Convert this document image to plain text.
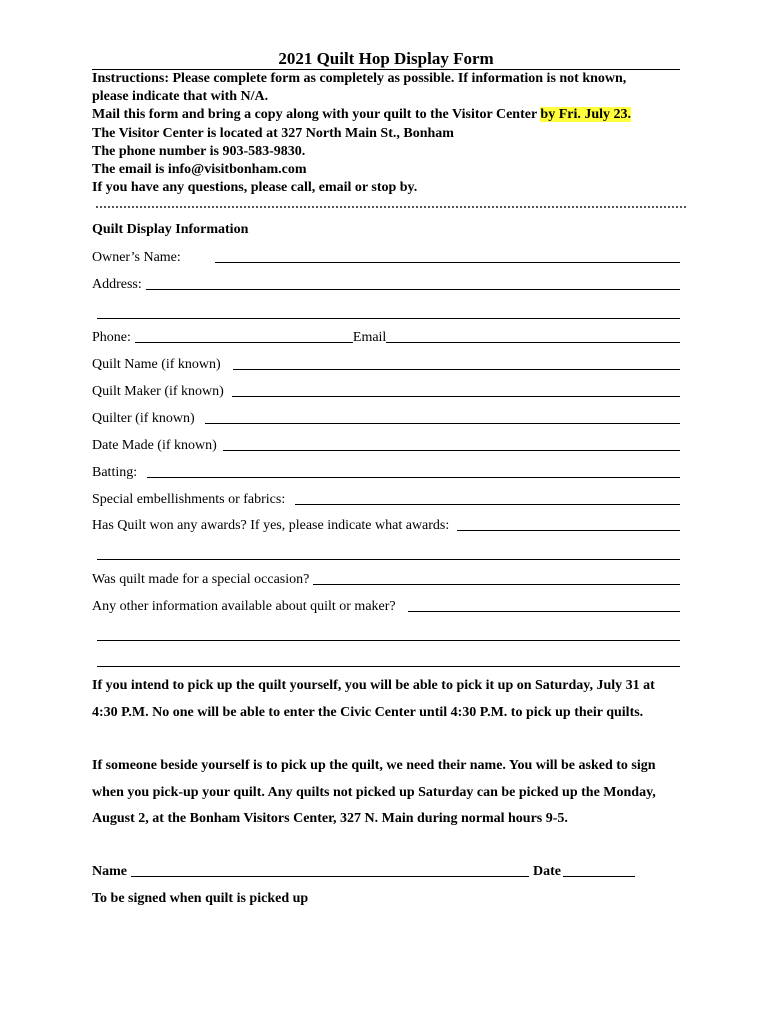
2021 Quilt Hop Display Form
Instructions: Please complete form as completely as possible. If information is not known,
please indicate that with N/A.
Mail this form and bring a copy along with your quilt to the Visitor Center by Fri. July 23.
The Visitor Center is located at 327 North Main St., Bonham
The phone number is 903-583-9830.
The email is info@visitbonham.com
If you have any questions, please call, email or stop by.
Quilt Display Information
Owner’s Name:
Address:
Phone:	Email
Quilt Name (if known)
Quilt Maker (if known)
Quilter (if known)
Date Made (if known)
Batting:
Special embellishments or fabrics:
Has Quilt won any awards? If yes, please indicate what awards:
Was quilt made for a special occasion?
Any other information available about quilt or maker?
If you intend to pick up the quilt yourself, you will be able to pick it up on Saturday, July 31 at 4:30 P.M. No one will be able to enter the Civic Center until 4:30 P.M. to pick up their quilts.
If someone beside yourself is to pick up the quilt, we need their name. You will be asked to sign when you pick-up your quilt. Any quilts not picked up Saturday can be picked up the Monday, August 2, at the Bonham Visitors Center, 327 N. Main during normal hours 9-5.
Name	Date
To be signed when quilt is picked up
